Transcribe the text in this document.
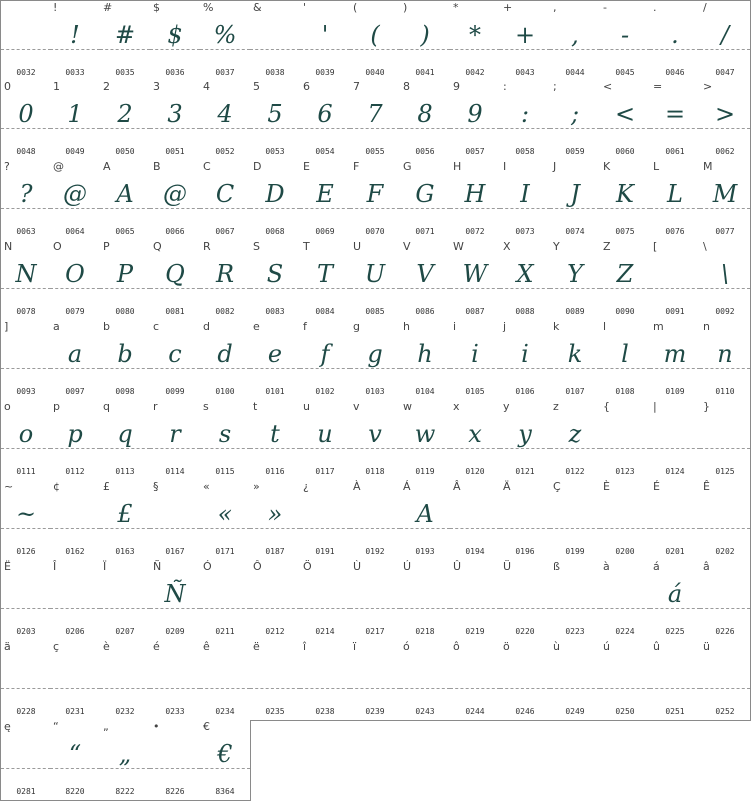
0032
!
!
0033
#
#
0035
$
$
0036
%
%
0037
&
0038
'
'
0039
(
(
0040
)
)
0041
*
*
0042
+
+
0043
,
,
0044
-
-
0045
.
.
0046
/
/
0047
0
0
0048
1
1
0049
2
2
0050
3
3
0051
4
4
0052
5
5
0053
6
6
0054
7
7
0055
8
8
0056
9
9
0057
:
:
0058
;
;
0059
<
<
0060
=
=
0061
>
>
0062
?
?
0063
@
@
0064
A
A
0065
B
@
0066
C
C
0067
D
D
0068
E
E
0069
F
F
0070
G
G
0071
H
H
0072
I
I
0073
J
J
0074
K
K
0075
L
L
0076
M
M
0077
N
N
0078
O
O
0079
P
P
0080
Q
Q
0081
R
R
0082
S
S
0083
T
T
0084
U
U
0085
V
V
0086
W
W
0087
X
X
0088
Y
Y
0089
Z
Z
0090
[
0091
\
\
0092
]
0093
a
a
0097
b
b
0098
c
c
0099
d
d
0100
e
e
0101
f
f
0102
g
g
0103
h
h
0104
i
i
0105
j
i
0106
k
k
0107
l
l
0108
m
m
0109
n
n
0110
o
o
0111
p
p
0112
q
q
0113
r
r
0114
s
s
0115
t
t
0116
u
u
0117
v
v
0118
w
w
0119
x
x
0120
y
y
0121
z
z
0122
{
0123
|
0124
}
0125
~
~
0126
¢
0162
£
£
0163
§
0167
«
«
0171
»
»
0187
¿
0191
À
0192
Á
A
0193
Â
0194
Ä
0196
Ç
0199
È
0200
É
0201
Ê
0202
Ë
0203
Î
0206
Ï
0207
Ñ
Ñ
0209
Ó
0211
Ô
0212
Ö
0214
Ù
0217
Ú
0218
Û
0219
Ü
0220
ß
0223
à
0224
á
á
0225
â
0226
ä
0228
ç
0231
è
0232
é
0233
ê
0234
ë
0235
î
0238
ï
0239
ó
0243
ô
0244
ö
0246
ù
0249
ú
0250
û
0251
ü
0252
ę
0281
“
“
8220
„
„
8222
•
8226
€
€
8364
